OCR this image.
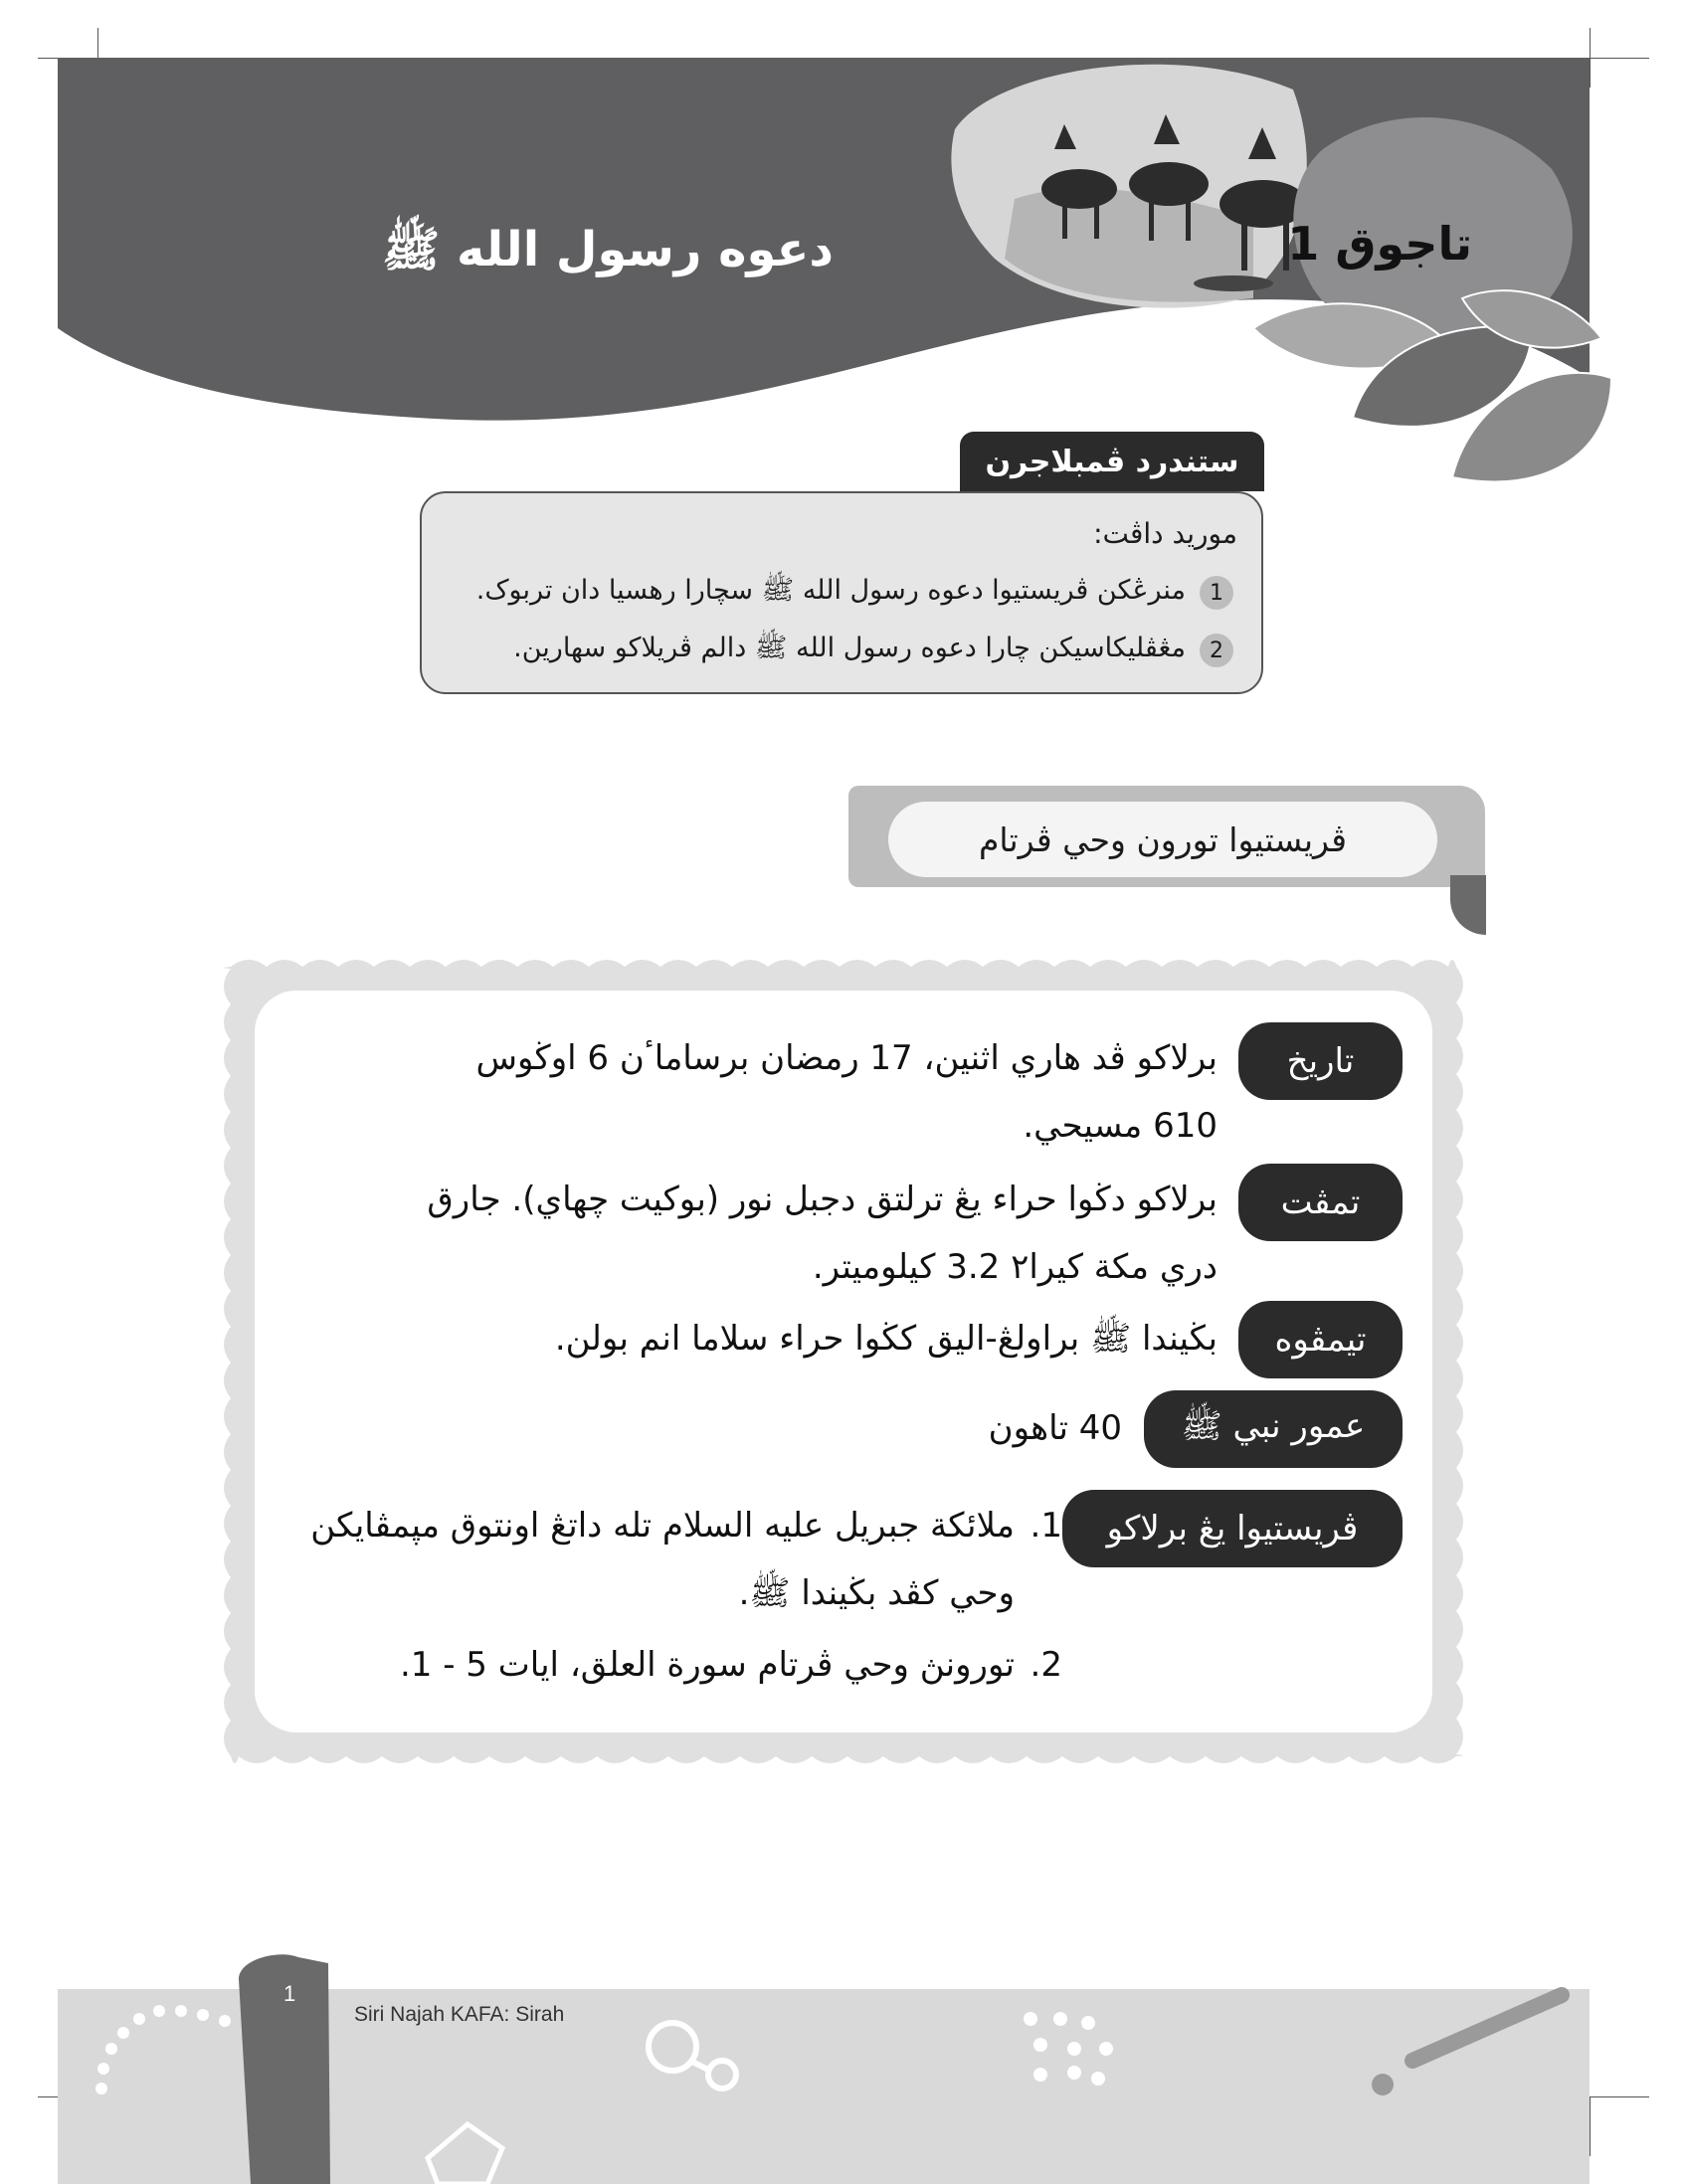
تاجوق 1
دعوه رسول الله ﷺ
ستندرد ڤمبلاجرن
موريد داڤت:
1
منرڠكن ڤريستيوا دعوه رسول الله ﷺ سچارا رهسيا دان تربوک.
2
مڠڤليكاسيكن چارا دعوه رسول الله ﷺ دالم ڤريلاکو سهارين.
ڤريستيوا تورون وحي ڤرتام
تاريخ
برلاکو ڤد هاري اثنين، 17 رمضان برساماٴن 6 اوڬوس
610 مسيحي.
تمڤت
برلاکو دڬوا حراء يڠ ترلتق دجبل نور (بوکيت چهاي). جارق
دري مکة کيرا٢ 3.2 کيلوميتر.
تيمڤوه
بڬيندا ﷺ براولڠ-اليق کڬوا حراء سلاما انم بولن.
عمور نبي ﷺ
40 تاهون
ڤريستيوا يڠ برلاکو
1.
ملائکة جبريل عليه السلام تله داتڠ اونتوق مڽمڤايکن
وحي کڤد بڬيندا ﷺ.
2.
تورونڽ وحي ڤرتام سورة العلق، ايات 5 - 1.
1
Siri Najah KAFA: Sirah
